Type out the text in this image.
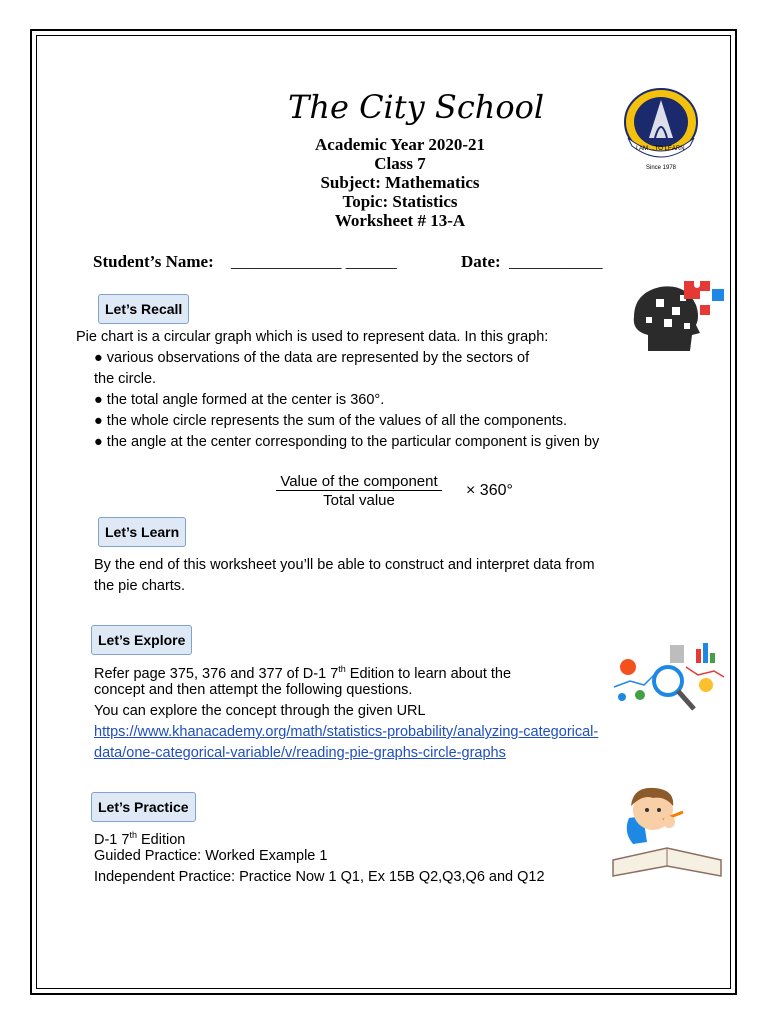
The City School
Academic Year 2020-21
Class 7
Subject: Mathematics
Topic: Statistics
Worksheet # 13-A
I AM ...TO LEARN
Since 1978
Student’s Name: _____________ ______	Date: ___________
Let’s Recall
Pie chart is a circular graph which is used to represent data. In this graph:
● various observations of the data are represented by the sectors of
the circle.
● the total angle formed at the center is 360°.
● the whole circle represents the sum of the values of all the components.
● the angle at the center corresponding to the particular component is given by
Value of the component
Total value
× 360°
Let’s Learn
By the end of this worksheet you’ll be able to construct and interpret data from
the pie charts.
Let’s Explore
Refer page 375, 376 and 377 of D-1 7th Edition to learn about the
concept and then attempt the following questions.
You can explore the concept through the given URL
https://www.khanacademy.org/math/statistics-probability/analyzing-categorical-
data/one-categorical-variable/v/reading-pie-graphs-circle-graphs
Let’s Practice
D-1 7th Edition
Guided Practice: Worked Example 1
Independent Practice: Practice Now 1 Q1, Ex 15B Q2,Q3,Q6 and Q12
